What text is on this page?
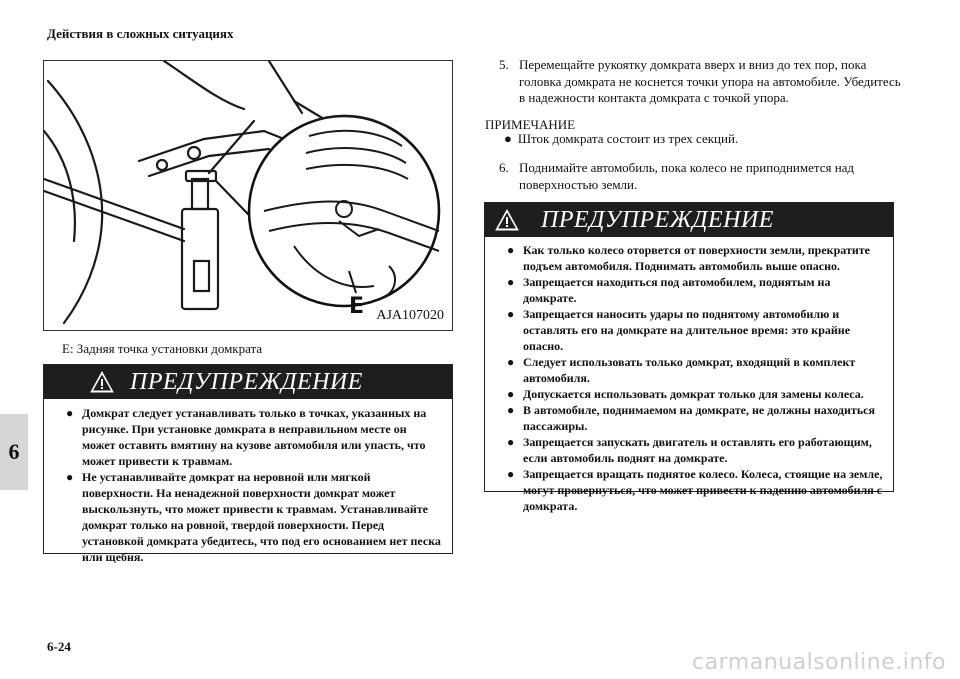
Действия в сложных ситуациях
6
E AJA107020
E: Задняя точка установки домкрата
ПРЕДУПРЕЖДЕНИЕ
● Домкрат следует устанавливать только в точках, указанных на рисунке. При установке домкрата в неправильном месте он может оставить вмятину на кузове автомобиля или упасть, что может привести к травмам.
● Не устанавливайте домкрат на неровной или мягкой поверхности. На ненадежной поверхности домкрат может выскользнуть, что может привести к травмам. Устанавливайте домкрат только на ровной, твердой поверхности. Перед установкой домкрата убедитесь, что под его основанием нет песка или щебня.
5. Перемещайте рукоятку домкрата вверх и вниз до тех пор, пока головка домкрата не коснется точки упора на автомобиле. Убедитесь в надежности контакта домкрата с точкой упора.
ПРИМЕЧАНИЕ
● Шток домкрата состоит из трех секций.
6. Поднимайте автомобиль, пока колесо не приподнимется над поверхностью земли.
ПРЕДУПРЕЖДЕНИЕ
● Как только колесо оторвется от поверхности земли, прекратите подъем автомобиля. Поднимать автомобиль выше опасно.
● Запрещается находиться под автомобилем, поднятым на домкрате.
● Запрещается наносить удары по поднятому автомобилю и оставлять его на домкрате на длительное время: это крайне опасно.
● Следует использовать только домкрат, входящий в комплект автомобиля.
● Допускается использовать домкрат только для замены колеса.
● В автомобиле, поднимаемом на домкрате, не должны находиться пассажиры.
● Запрещается запускать двигатель и оставлять его работающим, если автомобиль поднят на домкрате.
● Запрещается вращать поднятое колесо. Колеса, стоящие на земле, могут провернуться, что может привести к падению автомобиля с домкрата.
6-24
carmanualsonline.info
